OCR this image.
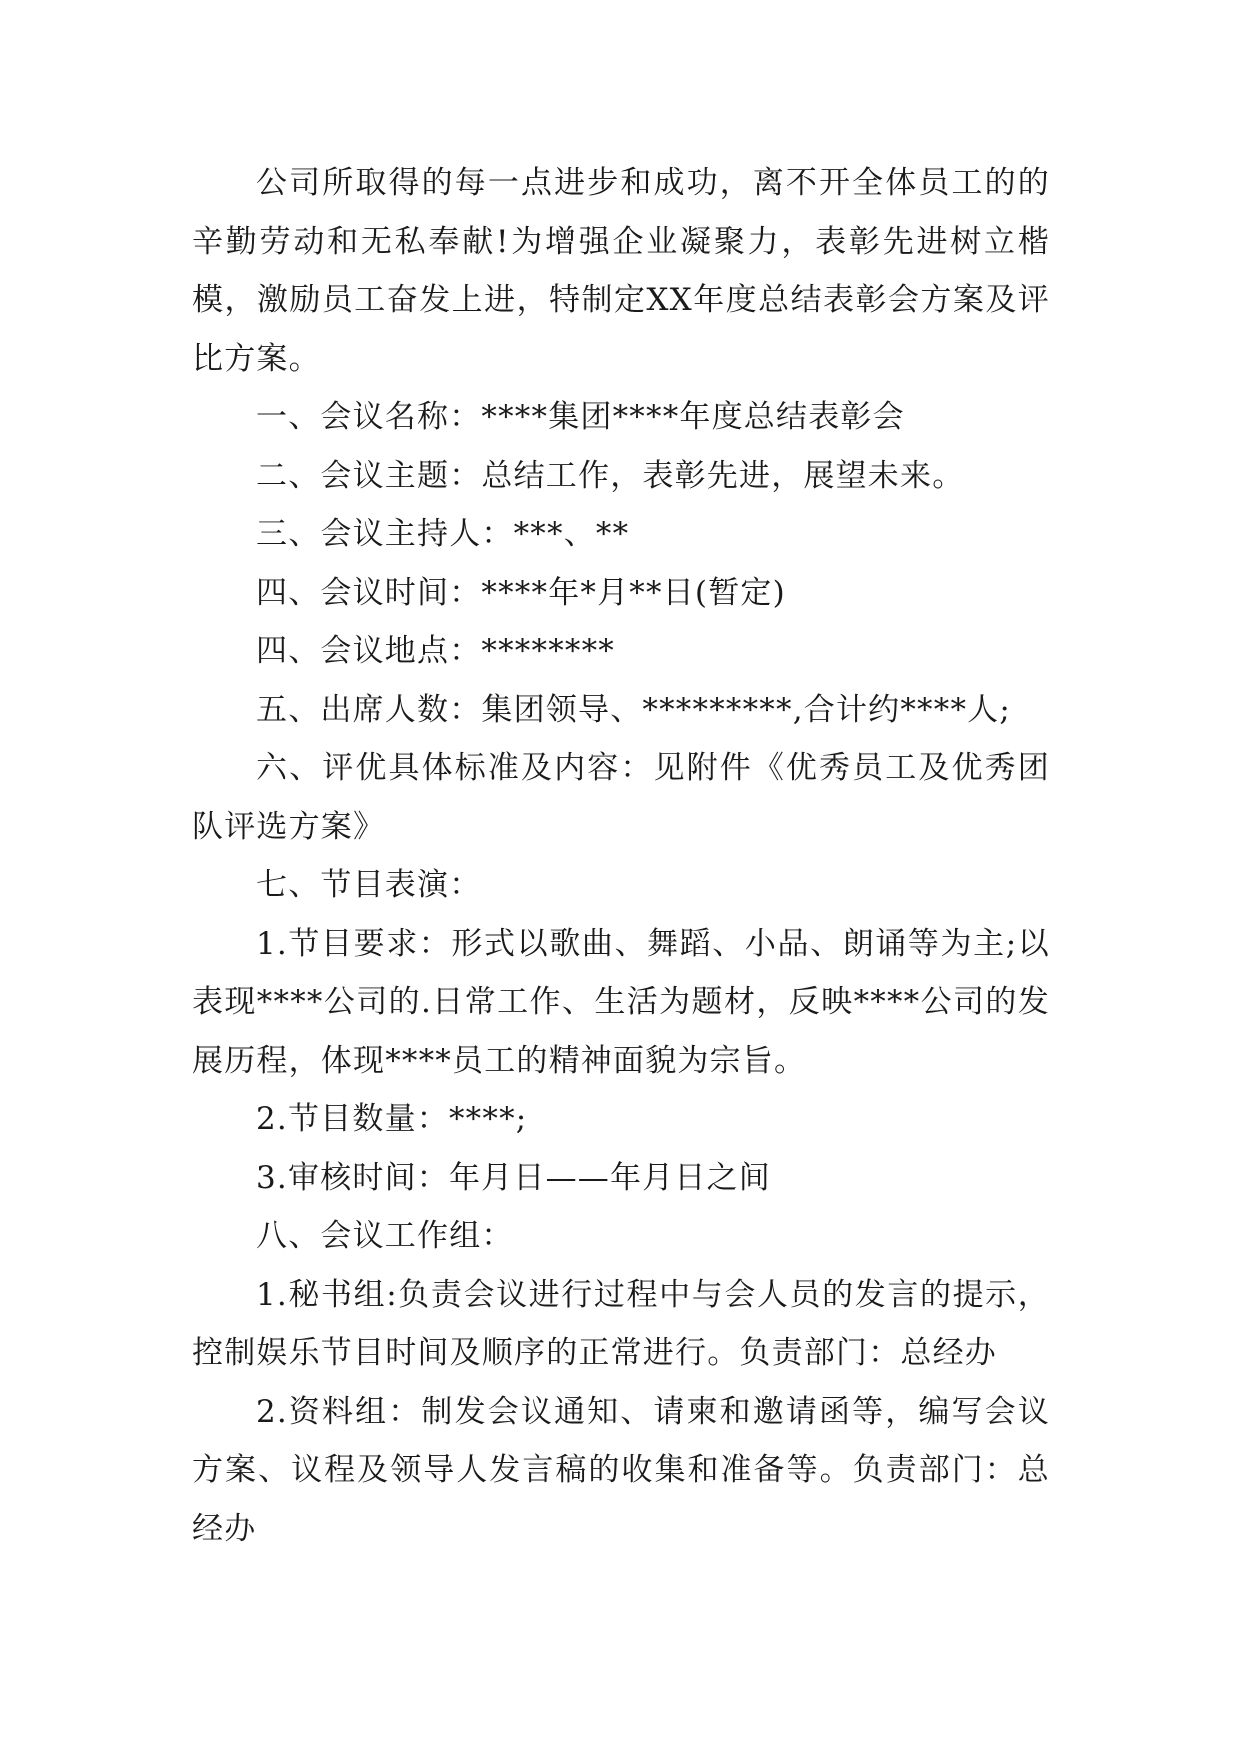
公司所取得的每一点进步和成功，离不开全体员工的的辛勤劳动和无私奉献!为增强企业凝聚力，表彰先进树立楷模，激励员工奋发上进，特制定XX年度总结表彰会方案及评比方案。

一、会议名称：****集团****年度总结表彰会

二、会议主题：总结工作，表彰先进，展望未来。

三、会议主持人：***、**

四、会议时间：****年*月**日(暂定)

四、会议地点：********

五、出席人数：集团领导、*********,合计约****人;

六、评优具体标准及内容：见附件《优秀员工及优秀团队评选方案》

七、节目表演：

1.节目要求：形式以歌曲、舞蹈、小品、朗诵等为主;以表现****公司的.日常工作、生活为题材，反映****公司的发展历程，体现****员工的精神面貌为宗旨。

2.节目数量：****;

3.审核时间：年月日——年月日之间

八、会议工作组：

1.秘书组:负责会议进行过程中与会人员的发言的提示，控制娱乐节目时间及顺序的正常进行。负责部门：总经办

2.资料组：制发会议通知、请柬和邀请函等，编写会议方案、议程及领导人发言稿的收集和准备等。负责部门：总经办
